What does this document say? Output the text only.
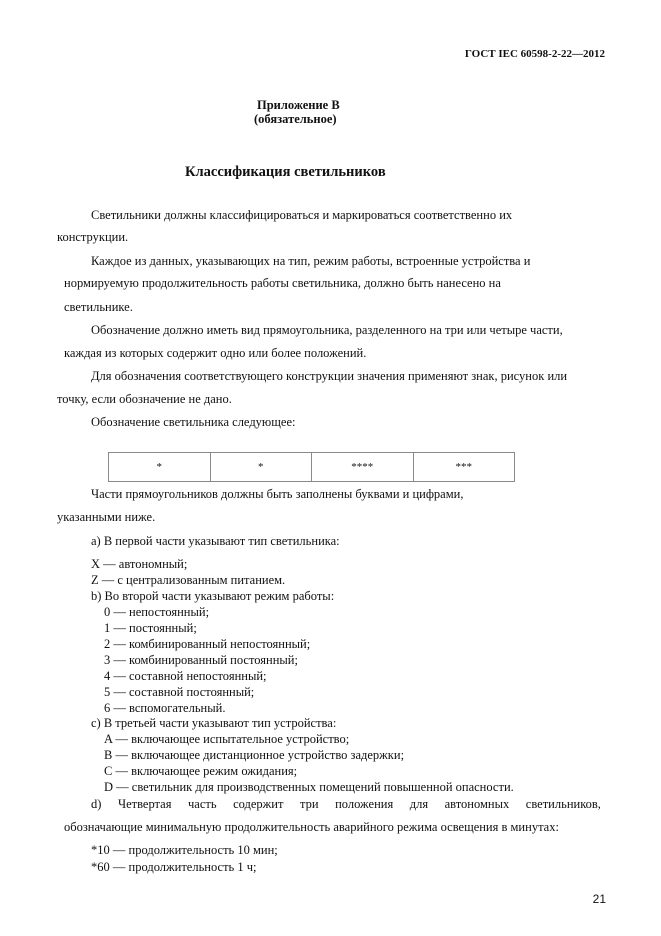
ГОСТ IEC 60598-2-22—2012
Приложение В
(обязательное)
Классификация светильников
Светильники должны классифицироваться и маркироваться соответственно их
конструкции.
Каждое из данных, указывающих на тип, режим работы, встроенные устройства и
нормируемую продолжительность работы светильника, должно быть нанесено на
светильнике.
Обозначение должно иметь вид прямоугольника, разделенного на три или четыре части,
каждая из которых содержит одно или более положений.
Для обозначения соответствующего конструкции значения применяют знак, рисунок или
точку, если обозначение не дано.
Обозначение светильника следующее:
*	*	****	***
Части прямоугольников должны быть заполнены буквами и цифрами,
указанными ниже.
a) В первой части указывают тип светильника:
X — автономный;
Z — с централизованным питанием.
b) Во второй части указывают режим работы:
0 — непостоянный;
1 — постоянный;
2 — комбинированный непостоянный;
3 — комбинированный постоянный;
4 — составной непостоянный;
5 — составной постоянный;
6 — вспомогательный.
c) В третьей части указывают тип устройства:
A — включающее испытательное устройство;
B — включающее дистанционное устройство задержки;
C — включающее режим ожидания;
D — светильник для производственных помещений повышенной опасности.
d) Четвертая часть содержит три положения для автономных светильников,
обозначающие минимальную продолжительность аварийного режима освещения в минутах:
*10 — продолжительность 10 мин;
*60 — продолжительность 1 ч;
21
